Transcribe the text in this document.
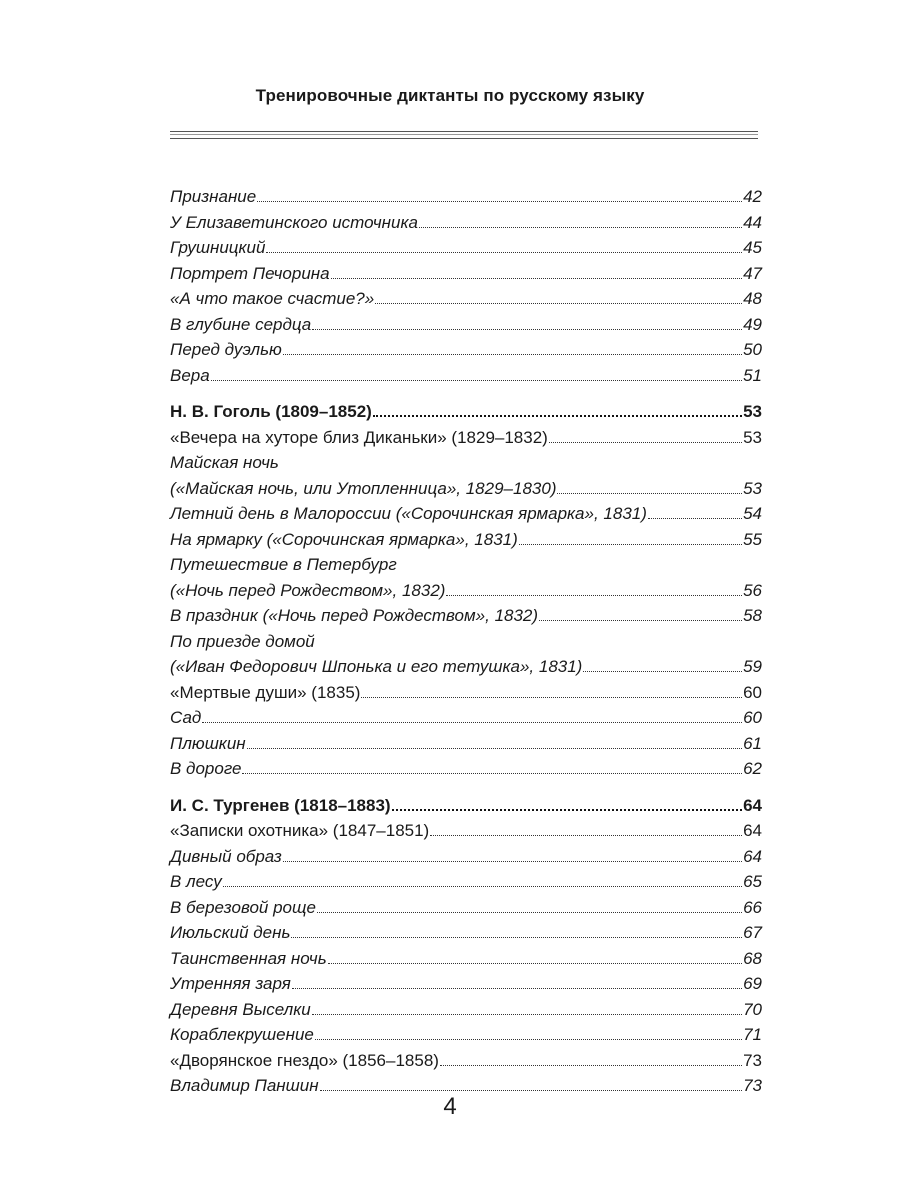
Тренировочные диктанты по русскому языку
Признание	42
У Елизаветинского источника	44
Грушницкий	45
Портрет Печорина	47
«А что такое счастие?»	48
В глубине сердца	49
Перед дуэлью	50
Вера	51
Н. В. Гоголь (1809–1852)	53
«Вечера на хуторе близ Диканьки» (1829–1832)	53
Майская ночь
(«Майская ночь, или Утопленница», 1829–1830)	53
Летний день в Малороссии («Сорочинская ярмарка», 1831)	54
На ярмарку («Сорочинская ярмарка», 1831)	55
Путешествие в Петербург
(«Ночь перед Рождеством», 1832)	56
В праздник («Ночь перед Рождеством», 1832)	58
По приезде домой
(«Иван Федорович Шпонька и его тетушка», 1831)	59
«Мертвые души» (1835)	60
Сад	60
Плюшкин	61
В дороге	62
И. С. Тургенев (1818–1883)	64
«Записки охотника» (1847–1851)	64
Дивный образ	64
В лесу	65
В березовой роще	66
Июльский день	67
Таинственная ночь	68
Утренняя заря	69
Деревня Выселки	70
Кораблекрушение	71
«Дворянское гнездо» (1856–1858)	73
Владимир Паншин	73
4
